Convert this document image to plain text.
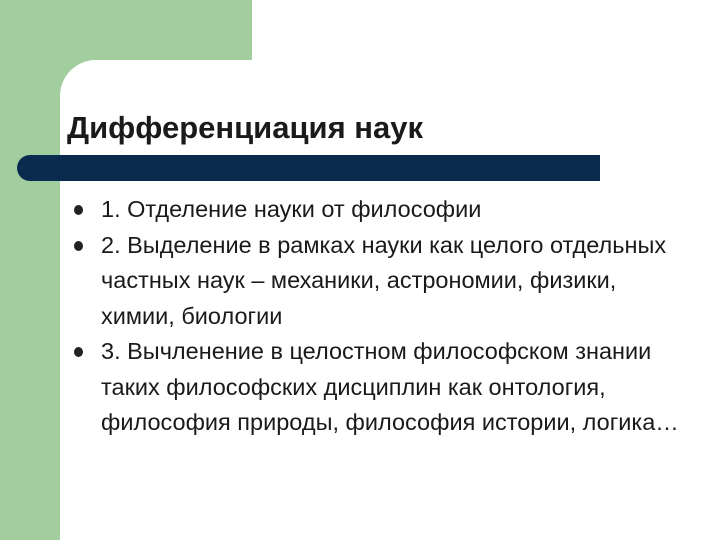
Дифференциация наук
1. Отделение науки от философии
2. Выделение в рамках науки как целого отдельных частных наук – механики, астрономии, физики, химии, биологии
3. Вычленение в целостном философском знании таких философских дисциплин как онтология, философия природы, философия истории, логика…
